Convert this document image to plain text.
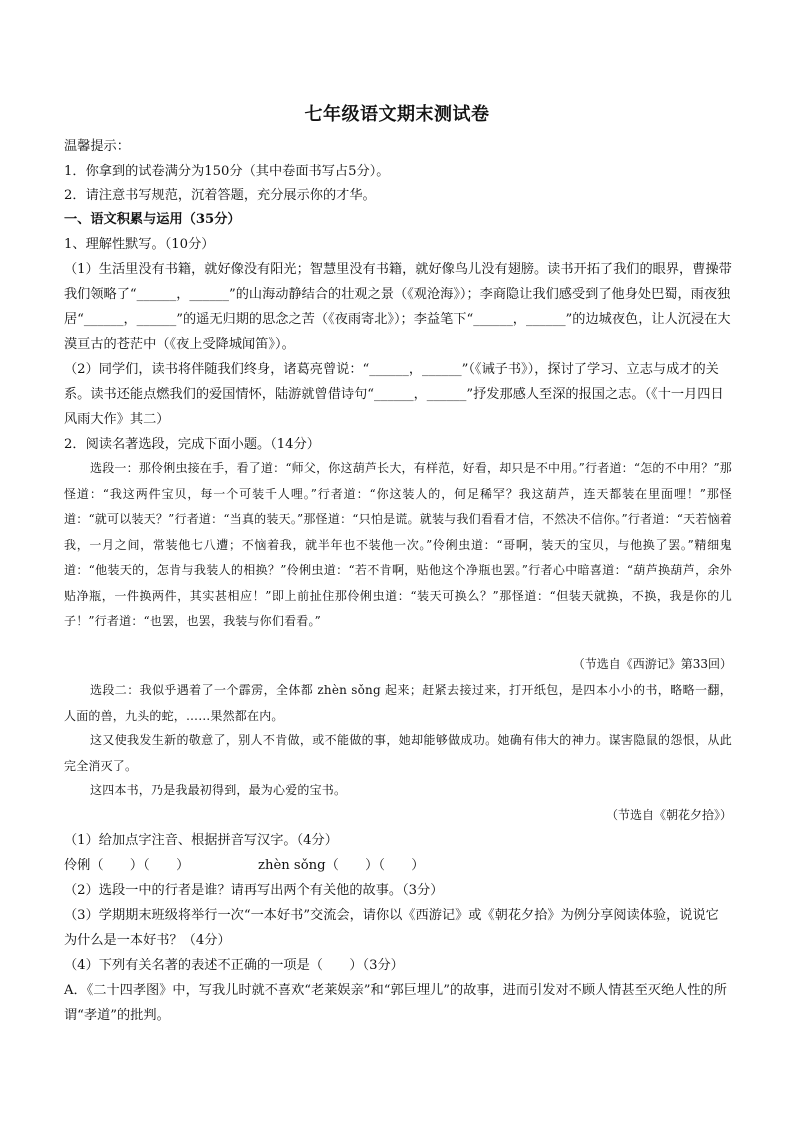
七年级语文期末测试卷

温馨提示：

1．你拿到的试卷满分为150分（其中卷面书写占5分）。

2．请注意书写规范，沉着答题，充分展示你的才华。

一、语文积累与运用（35分）

1、理解性默写。（10分）

（1）生活里没有书籍，就好像没有阳光；智慧里没有书籍，就好像鸟儿没有翅膀。读书开拓了我们的眼界，曹操带我们领略了“______，______”的山海动静结合的壮观之景（《观沧海》）；李商隐让我们感受到了他身处巴蜀，雨夜独居“______，______”的遥无归期的思念之苦（《夜雨寄北》）；李益笔下“______，______”的边城夜色，让人沉浸在大漠亘古的苍茫中（《夜上受降城闻笛》）。

（2）同学们，读书将伴随我们终身，诸葛亮曾说：“______，______”（《诫子书》），探讨了学习、立志与成才的关系。读书还能点燃我们的爱国情怀，陆游就曾借诗句“______，______”抒发那感人至深的报国之志。（《十一月四日风雨大作》其二）

2．阅读名著选段，完成下面小题。（14分）

选段一：那伶俐虫接在手，看了道：“师父，你这葫芦长大，有样范，好看，却只是不中用。”行者道：“怎的不中用？”那怪道：“我这两件宝贝，每一个可装千人哩。”行者道：“你这装人的，何足稀罕？我这葫芦，连天都装在里面哩！”那怪道：“就可以装天？”行者道：“当真的装天。”那怪道：“只怕是谎。就装与我们看看才信，不然决不信你。”行者道：“天若恼着我，一月之间，常装他七八遭；不恼着我，就半年也不装他一次。”伶俐虫道：“哥啊，装天的宝贝，与他换了罢。”精细鬼道：“他装天的，怎肯与我装人的相换？”伶俐虫道：“若不肯啊，贴他这个净瓶也罢。”行者心中暗喜道：“葫芦换葫芦，余外贴净瓶，一件换两件，其实甚相应！”即上前扯住那伶俐虫道：“装天可换么？”那怪道：“但装天就换，不换，我是你的儿子！”行者道：“也罢，也罢，我装与你们看看。”

（节选自《西游记》第33回）

选段二：我似乎遇着了一个霹雳，全体都 zhèn sǒng 起来；赶紧去接过来，打开纸包，是四本小小的书，略略一翻，人面的兽，九头的蛇，……果然都在内。

这又使我发生新的敬意了，别人不肯做，或不能做的事，她却能够做成功。她确有伟大的神力。谋害隐鼠的怨恨，从此完全消灭了。

这四本书，乃是我最初得到，最为心爱的宝书。

（节选自《朝花夕拾》）

（1）给加点字注音、根据拼音写汉字。（4分）

伶俐（　　）（　　）	zhèn sǒng（　　）（　　）

（2）选段一中的行者是谁？请再写出两个有关他的故事。（3分）

（3）学期期末班级将举行一次“一本好书”交流会，请你以《西游记》或《朝花夕拾》为例分享阅读体验，说说它为什么是一本好书？（4分）

（4）下列有关名著的表述不正确的一项是（　　）（3分）

A．《二十四孝图》中，写我儿时就不喜欢“老莱娱亲”和“郭巨埋儿”的故事，进而引发对不顾人情甚至灭绝人性的所谓“孝道”的批判。
